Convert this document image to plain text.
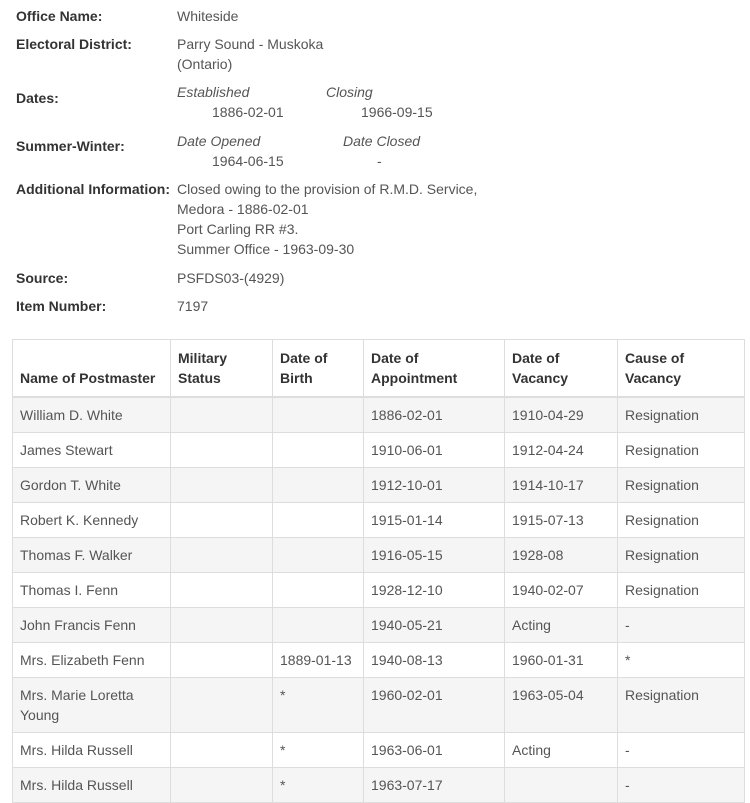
Office Name:	Whiteside
Electoral District:	Parry Sound - Muskoka
(Ontario)
Dates:	Established
1886-02-01
Closing
1966-09-15
Summer-Winter:	Date Opened
1964-06-15
Date Closed
-
Additional Information: Closed owing to the provision of R.M.D. Service,
Medora - 1886-02-01
Port Carling RR #3.
Summer Office - 1963-09-30
Source:	PSFDS03-(4929)
Item Number:	7197
Name of Postmaster	Military Status	Date of Birth	Date of Appointment	Date of Vacancy	Cause of Vacancy
William D. White			1886-02-01	1910-04-29	Resignation
James Stewart			1910-06-01	1912-04-24	Resignation
Gordon T. White			1912-10-01	1914-10-17	Resignation
Robert K. Kennedy			1915-01-14	1915-07-13	Resignation
Thomas F. Walker			1916-05-15	1928-08	Resignation
Thomas I. Fenn			1928-12-10	1940-02-07	Resignation
John Francis Fenn			1940-05-21	Acting	-
Mrs. Elizabeth Fenn		1889-01-13	1940-08-13	1960-01-31	*
Mrs. Marie Loretta Young		*	1960-02-01	1963-05-04	Resignation
Mrs. Hilda Russell		*	1963-06-01	Acting	-
Mrs. Hilda Russell		*	1963-07-17		-
